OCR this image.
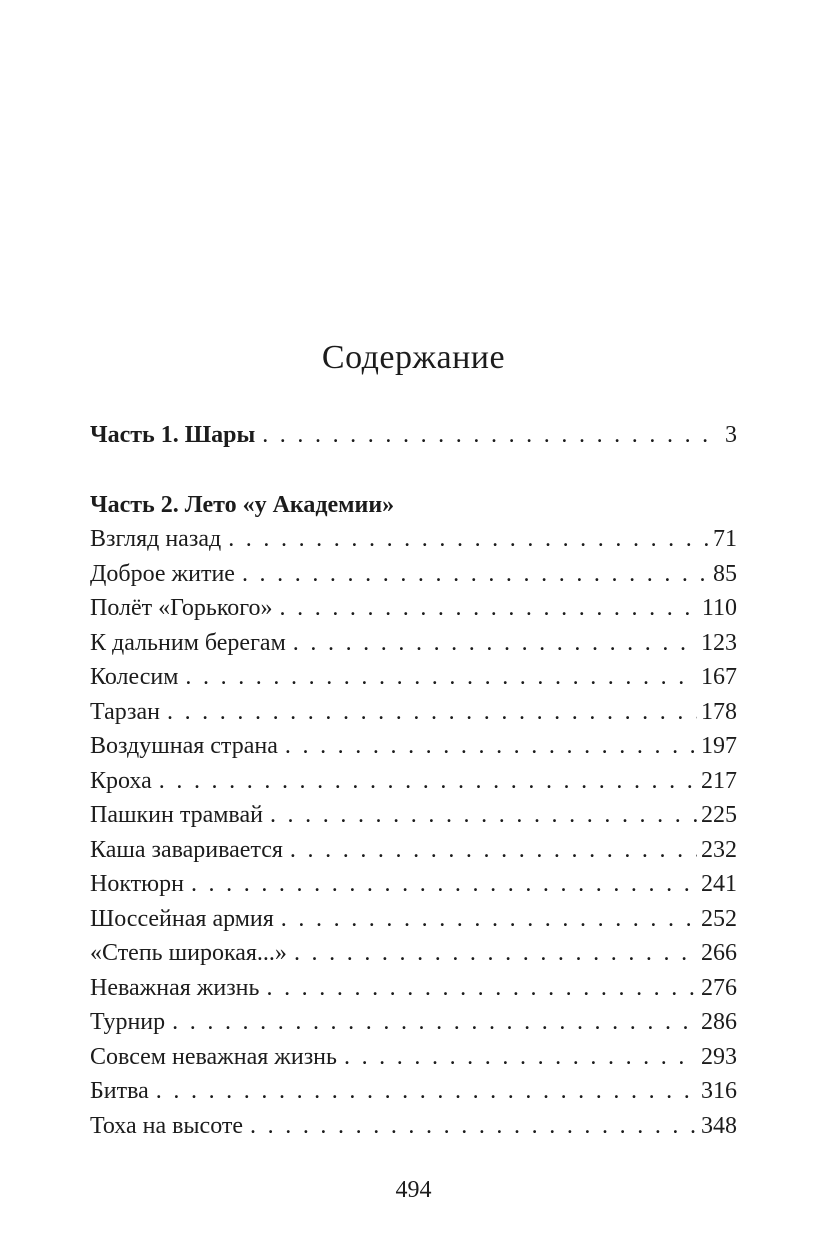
Содержание
Часть 1. Шары . . .	3
Часть 2. Лето «у Академии»
Взгляд назад . . .	71
Доброе житие . . .	85
Полёт «Горького» . . .	110
К дальним берегам . . .	123
Колесим . . .	167
Тарзан . . .	178
Воздушная страна . . .	197
Кроха . . .	217
Пашкин трамвай . . .	225
Каша заваривается . . .	232
Ноктюрн . . .	241
Шоссейная армия . . .	252
«Степь широкая...» . . .	266
Неважная жизнь . . .	276
Турнир . . .	286
Совсем неважная жизнь . . .	293
Битва . . .	316
Тоха на высоте . . .	348
494
